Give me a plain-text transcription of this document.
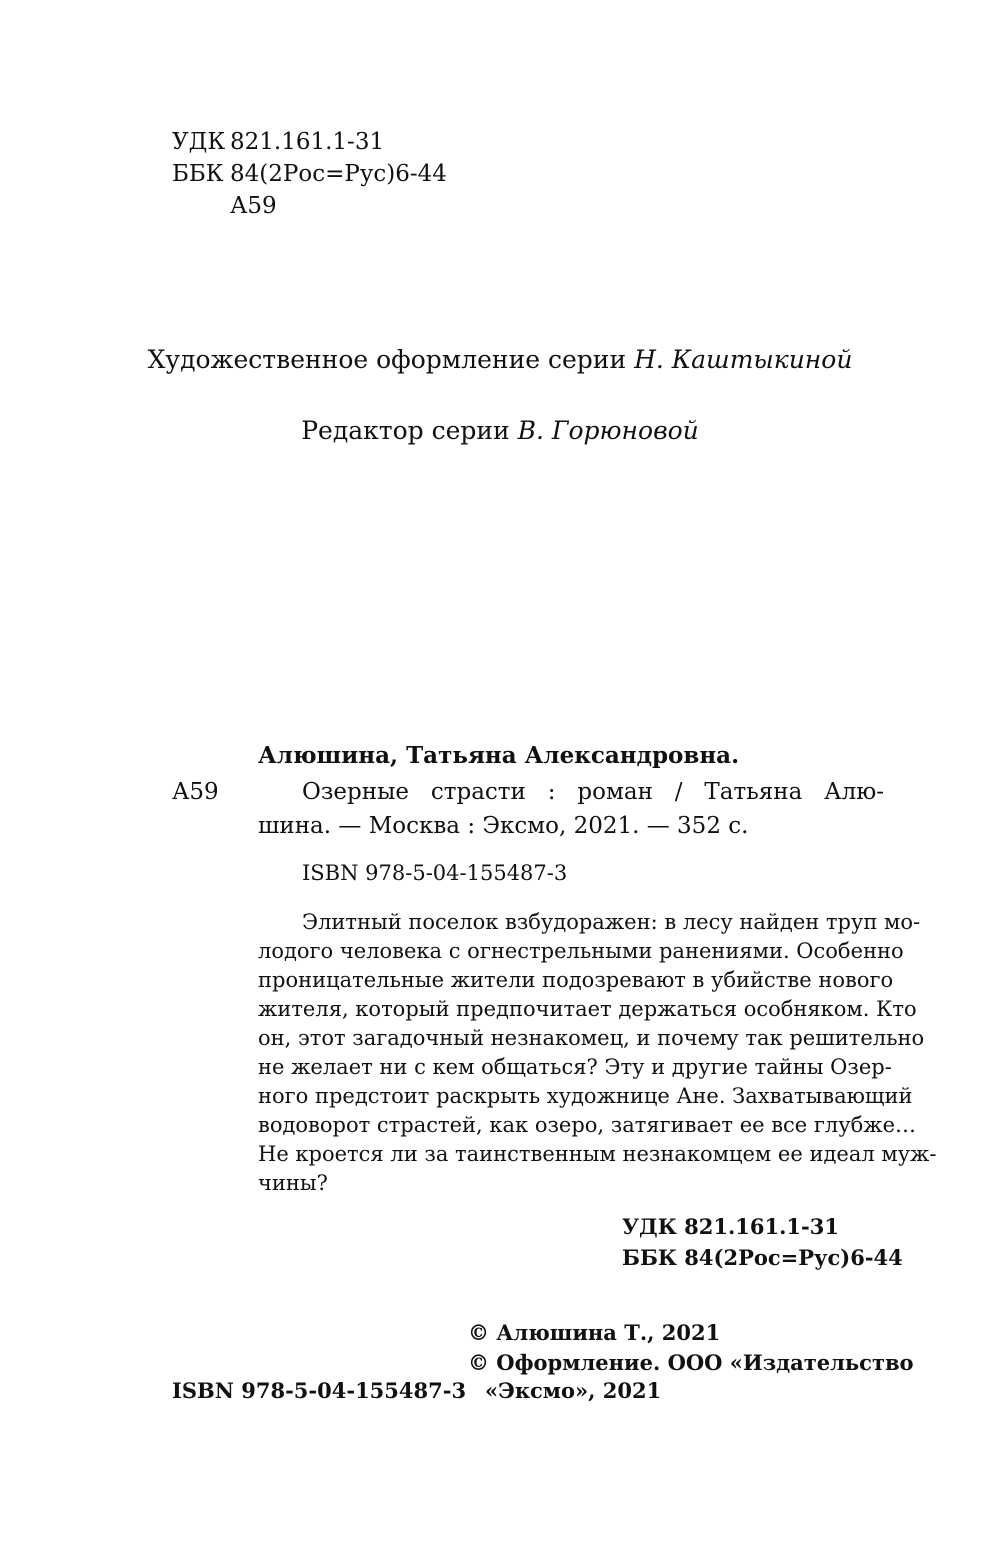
УДК 821.161.1-31
ББК 84(2Рос=Рус)6-44
А59
Художественное оформление серии Н. Каштыкиной
Редактор серии В. Горюновой
Алюшина, Татьяна Александровна.
А59	Озерные страсти : роман / Татьяна Алю-
шина. — Москва : Эксмо, 2021. — 352 с.
ISBN 978-5-04-155487-3
Элитный поселок взбудоражен: в лесу найден труп мо-
лодого человека с огнестрельными ранениями. Особенно
проницательные жители подозревают в убийстве нового
жителя, который предпочитает держаться особняком. Кто
он, этот загадочный незнакомец, и почему так решительно
не желает ни с кем общаться? Эту и другие тайны Озер-
ного предстоит раскрыть художнице Ане. Захватывающий
водоворот страстей, как озеро, затягивает ее все глубже…
Не кроется ли за таинственным незнакомцем ее идеал муж-
чины?
УДК 821.161.1-31
ББК 84(2Рос=Рус)6-44
© Алюшина Т., 2021
© Оформление. ООО «Издательство
ISBN 978-5-04-155487-3 «Эксмо», 2021
